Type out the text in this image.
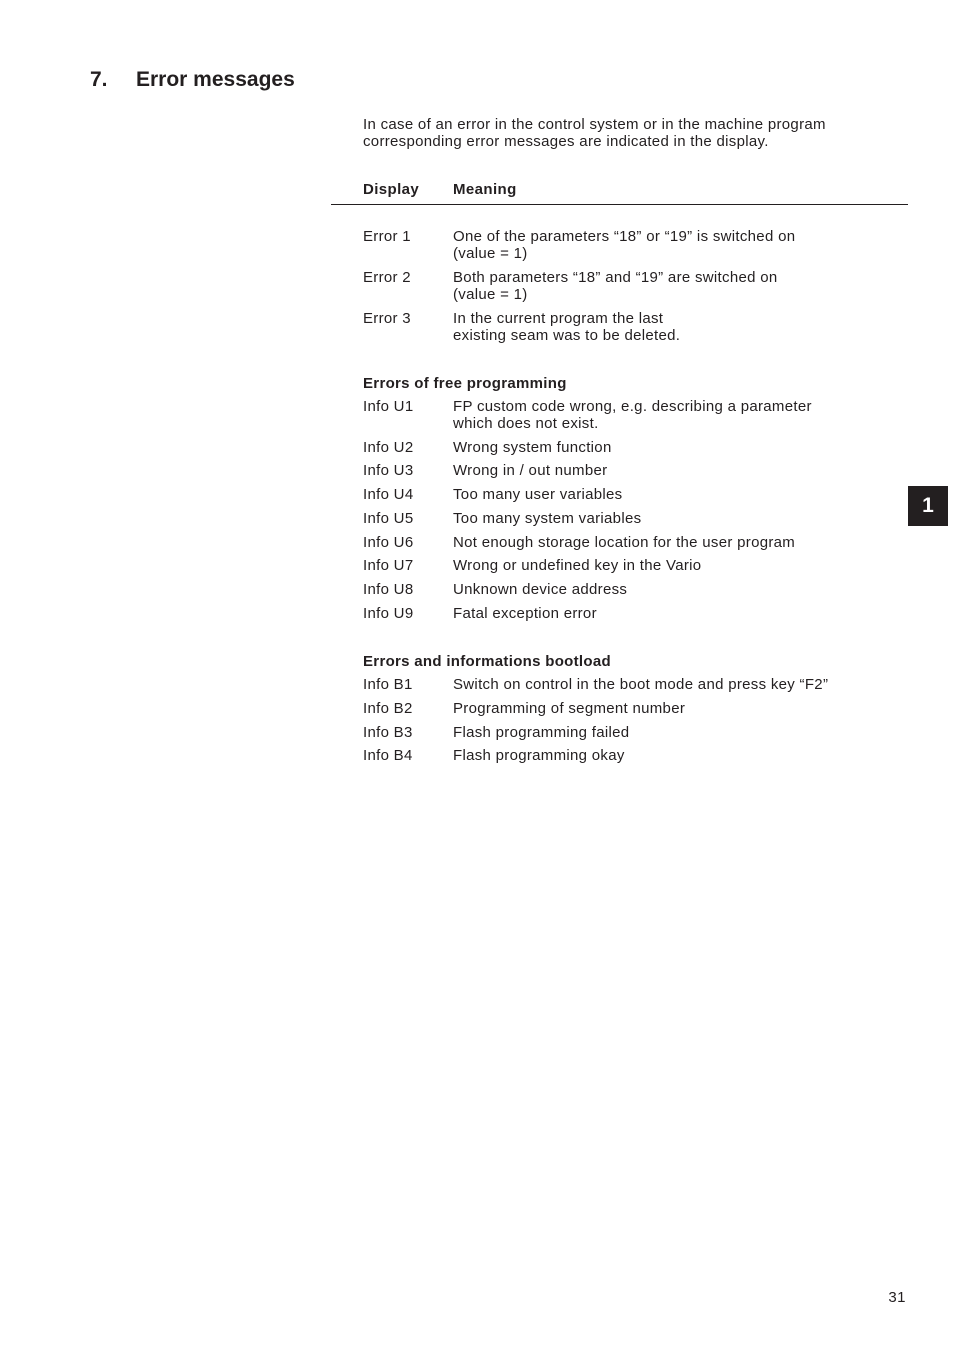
7. Error messages

In case of an error in the control system or in the machine program
corresponding error messages are indicated in the display.

Display Meaning
Error 1	One of the parameters “18” or “19” is switched on
(value = 1)
Error 2	Both parameters “18” and “19” are switched on
(value = 1)
Error 3	In the current program the last
existing seam was to be deleted.
Errors of free programming
Info U1	FP custom code wrong, e.g. describing a parameter
which does not exist.
Info U2	Wrong system function
Info U3	Wrong in / out number
Info U4	Too many user variables
Info U5	Too many system variables
Info U6	Not enough storage location for the user program
Info U7	Wrong or undefined key in the Vario
Info U8	Unknown device address
Info U9	Fatal exception error
Errors and informations bootload
Info B1	Switch on control in the boot mode and press key “F2”
Info B2	Programming of segment number
Info B3	Flash programming failed
Info B4	Flash programming okay
1
31
